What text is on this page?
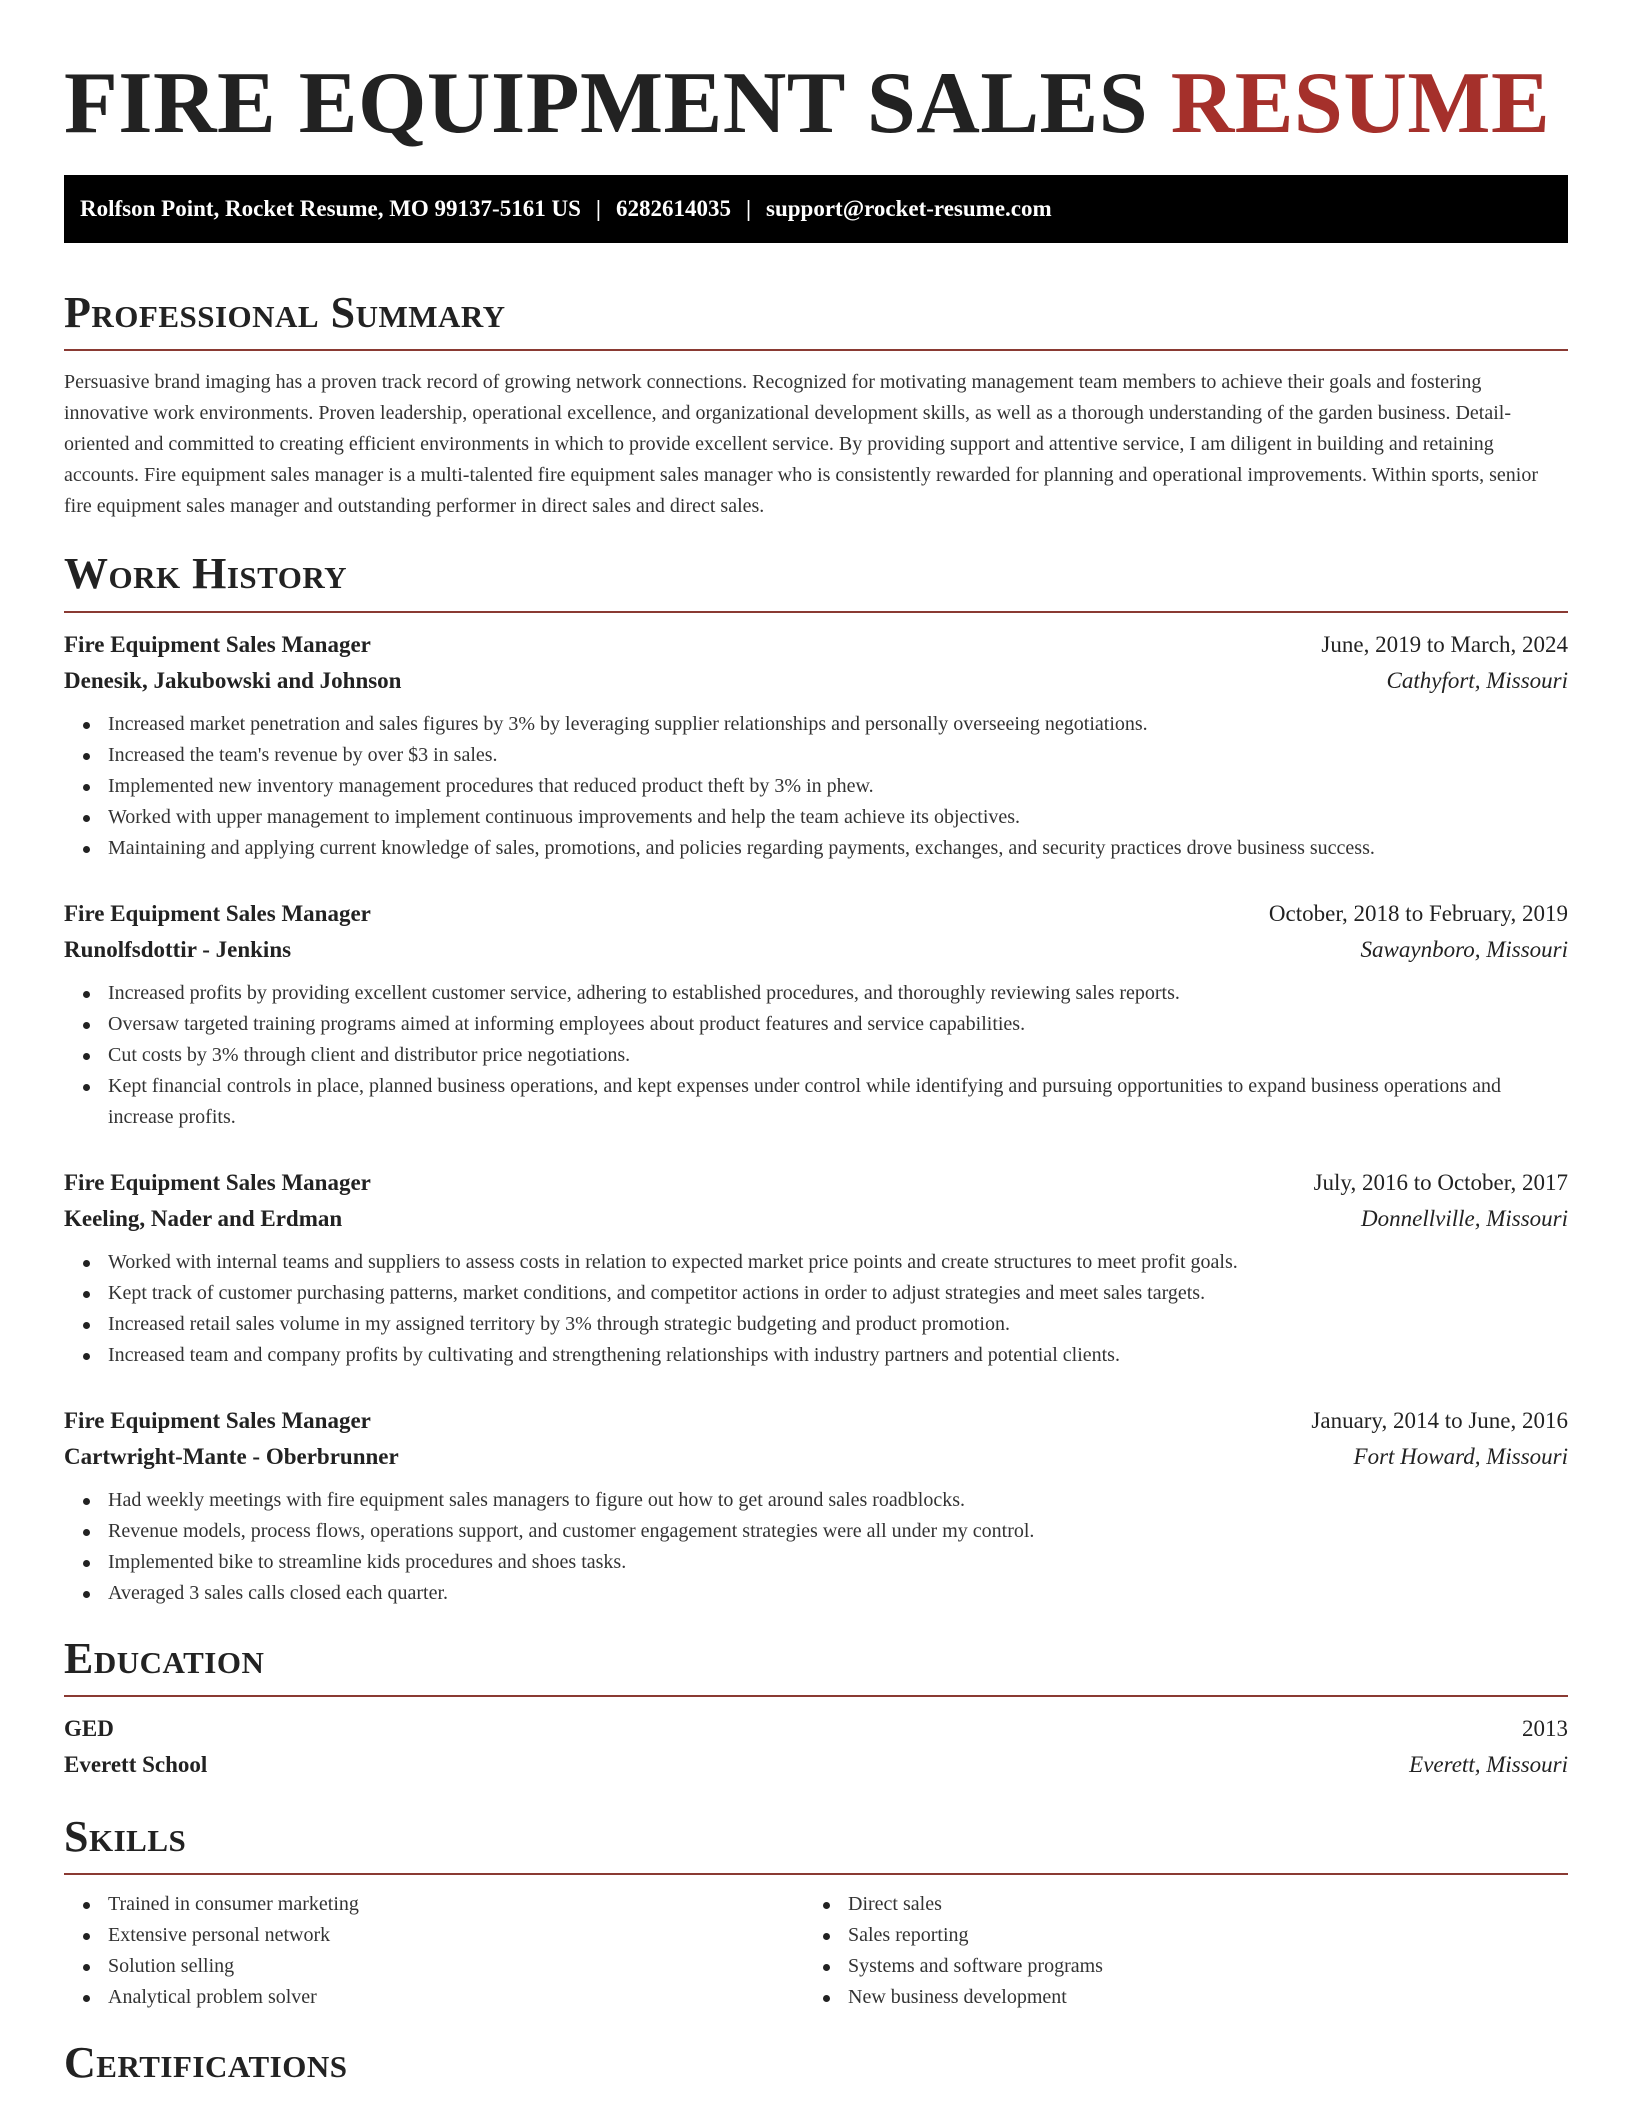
FIRE EQUIPMENT SALES RESUME
Rolfson Point, Rocket Resume, MO 99137-5161 US | 6282614035 | support@rocket-resume.com
Professional Summary

Persuasive brand imaging has a proven track record of growing network connections. Recognized for motivating management team members to achieve their goals and fostering innovative work environments. Proven leadership, operational excellence, and organizational development skills, as well as a thorough understanding of the garden business. Detail-oriented and committed to creating efficient environments in which to provide excellent service. By providing support and attentive service, I am diligent in building and retaining accounts. Fire equipment sales manager is a multi-talented fire equipment sales manager who is consistently rewarded for planning and operational improvements. Within sports, senior fire equipment sales manager and outstanding performer in direct sales and direct sales.

Work History
Fire Equipment Sales Manager	June, 2019 to March, 2024
Denesik, Jakubowski and Johnson	Cathyfort, Missouri
Increased market penetration and sales figures by 3% by leveraging supplier relationships and personally overseeing negotiations.
Increased the team's revenue by over $3 in sales.
Implemented new inventory management procedures that reduced product theft by 3% in phew.
Worked with upper management to implement continuous improvements and help the team achieve its objectives.
Maintaining and applying current knowledge of sales, promotions, and policies regarding payments, exchanges, and security practices drove business success.
Fire Equipment Sales Manager	October, 2018 to February, 2019
Runolfsdottir - Jenkins	Sawaynboro, Missouri
Increased profits by providing excellent customer service, adhering to established procedures, and thoroughly reviewing sales reports.
Oversaw targeted training programs aimed at informing employees about product features and service capabilities.
Cut costs by 3% through client and distributor price negotiations.
Kept financial controls in place, planned business operations, and kept expenses under control while identifying and pursuing opportunities to expand business operations and increase profits.
Fire Equipment Sales Manager	July, 2016 to October, 2017
Keeling, Nader and Erdman	Donnellville, Missouri
Worked with internal teams and suppliers to assess costs in relation to expected market price points and create structures to meet profit goals.
Kept track of customer purchasing patterns, market conditions, and competitor actions in order to adjust strategies and meet sales targets.
Increased retail sales volume in my assigned territory by 3% through strategic budgeting and product promotion.
Increased team and company profits by cultivating and strengthening relationships with industry partners and potential clients.
Fire Equipment Sales Manager	January, 2014 to June, 2016
Cartwright-Mante - Oberbrunner	Fort Howard, Missouri
Had weekly meetings with fire equipment sales managers to figure out how to get around sales roadblocks.
Revenue models, process flows, operations support, and customer engagement strategies were all under my control.
Implemented bike to streamline kids procedures and shoes tasks.
Averaged 3 sales calls closed each quarter.
Education
GED	2013
Everett School	Everett, Missouri
Skills
Trained in consumer marketing
Extensive personal network
Solution selling
Analytical problem solver
Direct sales
Sales reporting
Systems and software programs
New business development
Certifications
